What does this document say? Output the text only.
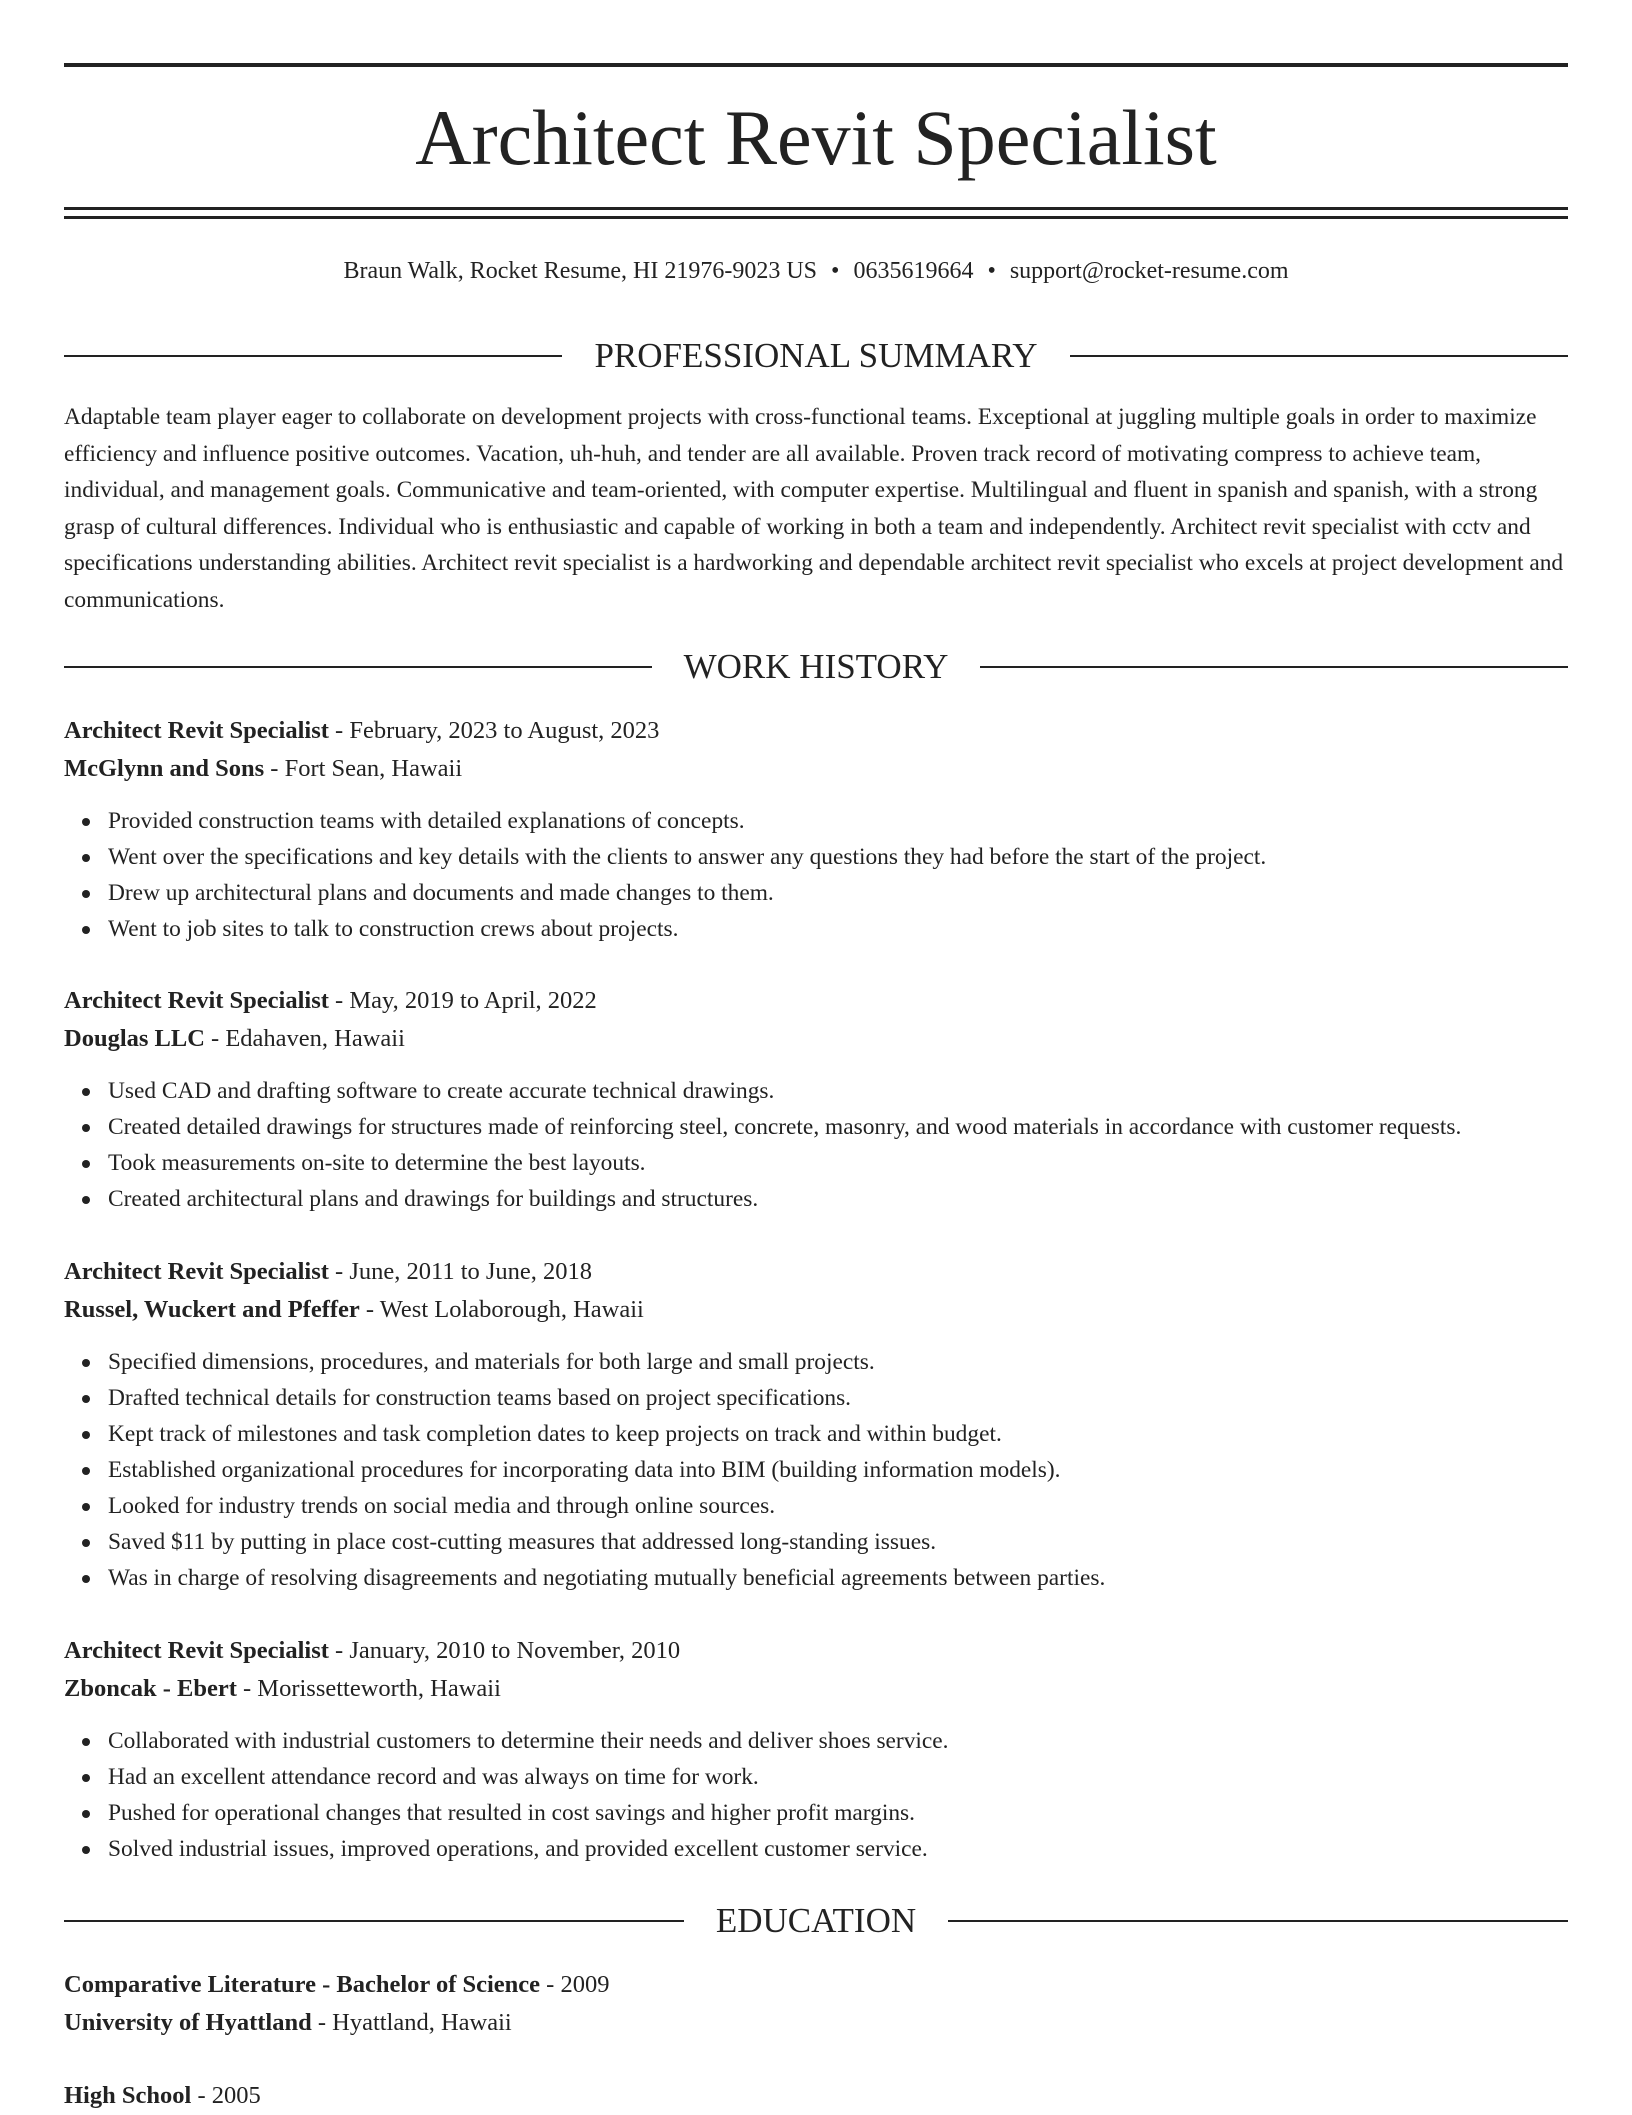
Architect Revit Specialist
Braun Walk, Rocket Resume, HI 21976-9023 US • 0635619664 • support@rocket-resume.com
PROFESSIONAL SUMMARY

Adaptable team player eager to collaborate on development projects with cross-functional teams. Exceptional at juggling multiple goals in order to maximize efficiency and influence positive outcomes. Vacation, uh-huh, and tender are all available. Proven track record of motivating compress to achieve team, individual, and management goals. Communicative and team-oriented, with computer expertise. Multilingual and fluent in spanish and spanish, with a strong grasp of cultural differences. Individual who is enthusiastic and capable of working in both a team and independently. Architect revit specialist with cctv and specifications understanding abilities. Architect revit specialist is a hardworking and dependable architect revit specialist who excels at project development and communications.

WORK HISTORY
Architect Revit Specialist - February, 2023 to August, 2023
McGlynn and Sons - Fort Sean, Hawaii
Provided construction teams with detailed explanations of concepts.
Went over the specifications and key details with the clients to answer any questions they had before the start of the project.
Drew up architectural plans and documents and made changes to them.
Went to job sites to talk to construction crews about projects.
Architect Revit Specialist - May, 2019 to April, 2022
Douglas LLC - Edahaven, Hawaii
Used CAD and drafting software to create accurate technical drawings.
Created detailed drawings for structures made of reinforcing steel, concrete, masonry, and wood materials in accordance with customer requests.
Took measurements on-site to determine the best layouts.
Created architectural plans and drawings for buildings and structures.
Architect Revit Specialist - June, 2011 to June, 2018
Russel, Wuckert and Pfeffer - West Lolaborough, Hawaii
Specified dimensions, procedures, and materials for both large and small projects.
Drafted technical details for construction teams based on project specifications.
Kept track of milestones and task completion dates to keep projects on track and within budget.
Established organizational procedures for incorporating data into BIM (building information models).
Looked for industry trends on social media and through online sources.
Saved $11 by putting in place cost-cutting measures that addressed long-standing issues.
Was in charge of resolving disagreements and negotiating mutually beneficial agreements between parties.
Architect Revit Specialist - January, 2010 to November, 2010
Zboncak - Ebert - Morissetteworth, Hawaii
Collaborated with industrial customers to determine their needs and deliver shoes service.
Had an excellent attendance record and was always on time for work.
Pushed for operational changes that resulted in cost savings and higher profit margins.
Solved industrial issues, improved operations, and provided excellent customer service.
EDUCATION
Comparative Literature - Bachelor of Science - 2009
University of Hyattland - Hyattland, Hawaii
High School - 2005
